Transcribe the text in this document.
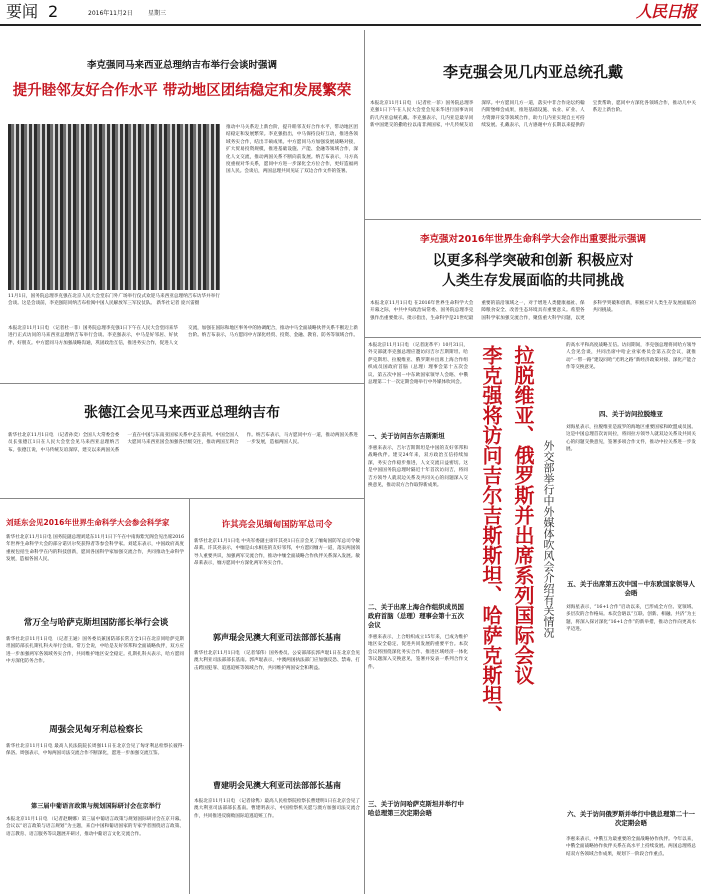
要闻 2	2016年11月2日	星期三	人民日报
李克强同马来西亚总理纳吉布举行会谈时强调
提升睦邻友好合作水平 带动地区团结稳定和发展繁荣
11月1日，国务院总理李克强在北京人民大会堂东门外广场举行仪式欢迎马来西亚总理纳吉布访华并举行会谈。这是会谈前，李克强陪同纳吉布检阅中国人民解放军三军仪仗队。 新华社记者 庞兴雷摄
推动中马关系迈上新台阶，提升睦邻友好合作水平，带动地区团结稳定和发展繁荣。李克强指出，中马保持良好互动，推进各领域务实合作，结出丰硕成果。中方愿同马方加强发展战略对接，扩大贸易投资规模，推进基础设施、产能、金融等领域合作，深化人文交流，推动两国关系不断向前发展。纳吉布表示，马方高度重视对华关系，愿同中方进一步深化全方位合作，更好造福两国人民。会谈后，两国总理共同见证了双边合作文件的签署。
本报北京11月1日电 （记者杜一菲）国务院总理李克强1日下午在人民大会堂同来华进行正式访问的马来西亚总理纳吉布举行会谈。李克强表示，中马是好邻居、好伙伴、好朋友。中方愿同马方加强战略沟通，巩固政治互信，推进务实合作，促进人文交流，加强在国际和地区事务中的协调配合，推动中马全面战略伙伴关系不断迈上新台阶。纳吉布表示，马方愿同中方深化经贸、投资、金融、教育、防务等领域合作。
张德江会见马来西亚总理纳吉布
新华社北京11月1日电 （记者孙奕）全国人大常委会委员长张德江1日在人民大会堂会见马来西亚总理纳吉布。张德江说，中马传统友谊深厚，建交以来两国关系一直在中国与东南亚国家关系中走在前列。中国全国人大愿同马来西亚国会加强各层级交往，推动两国互利合作。纳吉布表示，马方愿同中方一道，推动两国关系进一步发展，造福两国人民。
刘延东会见2016年世界生命科学大会参会科学家
新华社北京11月1日电 国务院副总理刘延东11月1日下午在中南海紫光阁会见出席2016年世界生命科学大会的部分诺贝尔奖获得者等参会科学家。刘延东表示，中国政府高度重视包括生命科学在内的科技创新，愿同各国科学家加强交流合作，共同推动生命科学发展，造福各国人民。
常万全与哈萨克斯坦国防部长举行会谈
新华社北京11月1日电 （记者王通）国务委员兼国防部长常万全1日在北京同哈萨克斯坦国防部长扎斯扎科夫举行会谈。常万全说，中哈是友好邻邦和全面战略伙伴，双方应进一步加强两军各领域务实合作，共同维护地区安全稳定。扎斯扎科夫表示，哈方愿同中方深化防务合作。
周强会见匈牙利总检察长
新华社北京11月1日电 最高人民法院院长周强11日在北京会见了匈牙利总检察长彼得·保洛。周强表示，中匈两国司法交流合作不断深化，愿进一步加强交流互鉴。
第三届中葡语言政策与规划国际研讨会在京举行
本报北京11月1日电 （记者赵婀娜）第三届中葡语言政策与规划国际研讨会在京开幕。会议以“语言政策与语言规划”为主题，来自中国和葡语国家的专家学者围绕语言政策、语言教育、语言服务等议题展开研讨，推动中葡语言文化交流合作。
许其亮会见缅甸国防军总司令
新华社北京11月1日电 中央军委副主席许其亮1日在京会见了缅甸国防军总司令敏昂莱。许其亮表示，中缅是山水相连的友好邻邦，中方愿同缅方一道，落实两国领导人重要共识，加强两军交流合作，推动中缅全面战略合作伙伴关系深入发展。敏昂莱表示，缅方愿同中方深化两军务实合作。
郭声琨会见澳大利亚司法部部长基南
新华社北京11月1日电 （记者邹伟）国务委员、公安部部长郭声琨1日在北京会见澳大利亚司法部部长基南。郭声琨表示，中澳两国执法部门应加强反恐、禁毒、打击跨国犯罪、追逃追赃等领域合作，共同维护两国安全和利益。
曹建明会见澳大利亚司法部部长基南
本报北京11月1日电 （记者徐隽）最高人民检察院检察长曹建明1日在北京会见了澳大利亚司法部部长基南。曹建明表示，中国检察机关愿与澳方加强司法交流合作，共同推进反腐败国际追逃追赃工作。
李克强会见几内亚总统孔戴
本报北京11月1日电 （记者杜一菲）国务院总理李克强1日下午在人民大会堂会见来华进行国事访问的几内亚总统孔戴。李克强表示，几内亚是最早同新中国建交的撒哈拉以南非洲国家，中几传统友谊深厚。中方愿同几方一道，落实中非合作论坛约翰内斯堡峰会成果，推进基础设施、农业、矿业、人力资源开发等领域合作，助力几内亚实现自主可持续发展。孔戴表示，几方感谢中方长期以来提供的宝贵帮助，愿同中方深化各领域合作，推动几中关系迈上新台阶。
李克强对2016年世界生命科学大会作出重要批示强调
以更多科学突破和创新 积极应对
人类生存发展面临的共同挑战
本报北京11月1日电 在2016年世界生命科学大会开幕之际，中共中央政治局常委、国务院总理李克强作出重要批示。批示指出，生命科学是21世纪最重要的前沿领域之一，对于增进人类健康福祉、保障粮食安全、改善生态环境具有重要意义。希望各国科学家加强交流合作，聚焦重大科学问题，以更多科学突破和创新，积极应对人类生存发展面临的共同挑战。
本报北京11月1日电 （记者庞革平）10月31日，外交部就李克强总理应邀访问吉尔吉斯斯坦、哈萨克斯坦、拉脱维亚、俄罗斯并出席上海合作组织成员国政府首脑（总理）理事会第十五次会议、第五次中国－中东欧国家领导人会晤、中俄总理第二十一次定期会晤举行中外媒体吹风会。
一、关于访问吉尔吉斯斯坦
李惠来表示，吉尔吉斯斯坦是中国的友好邻邦和战略伙伴。建交24年来，双方政治互信持续加深，务实合作稳步推进，人文交流日益密切。这是中国国务院总理时隔近十年首次访问吉，将同吉方领导人就双边关系及共同关心的问题深入交换意见，推动双方合作取得新成果。
二、关于出席上海合作组织成员国政府首脑（总理）理事会第十五次会议
李惠来表示，上合组织成立15年来，已成为维护地区安全稳定、促进共同发展的重要平台。本次会议将围绕深化务实合作、推进区域经济一体化等议题深入交换意见，签署并发表一系列合作文件。
三、关于访问哈萨克斯坦并举行中哈总理第三次定期会晤
拉脱维亚、俄罗斯并出席系列国际会议
李克强将访问吉尔吉斯斯坦、哈萨克斯坦、	外交部举行中外媒体吹风会介绍有关情况
的高水平和高度战略互信。访问期间，李克强总理将同哈方领导人会见会谈，共同出席中哈企业家委员会第五次会议，就推动“一带一路”建设同哈“光明之路”新经济政策对接、深化产能合作等交换意见。
四、关于访问拉脱维亚
刘海星表示，拉脱维亚是波罗的海地区重要国家和欧盟成员国。这是中国总理首次访问拉，将同拉方领导人就双边关系及共同关心的问题交换意见，签署多项合作文件，推动中拉关系进一步发展。
五、关于出席第五次中国－中东欧国家领导人会晤
刘海星表示，“16+1合作”启动以来，已形成全方位、宽领域、多层次的合作格局。本次会晤以“互联、创新、相融、共济”为主题，将深入探讨深化“16+1合作”的新举措，推动合作向更高水平迈进。
六、关于访问俄罗斯并举行中俄总理第二十一次定期会晤
李惠来表示，中俄互为最重要的全面战略协作伙伴。今年以来，中俄全面战略协作伙伴关系在高水平上持续发展。两国总理将总结双方各领域合作成果，规划下一阶段合作重点。
